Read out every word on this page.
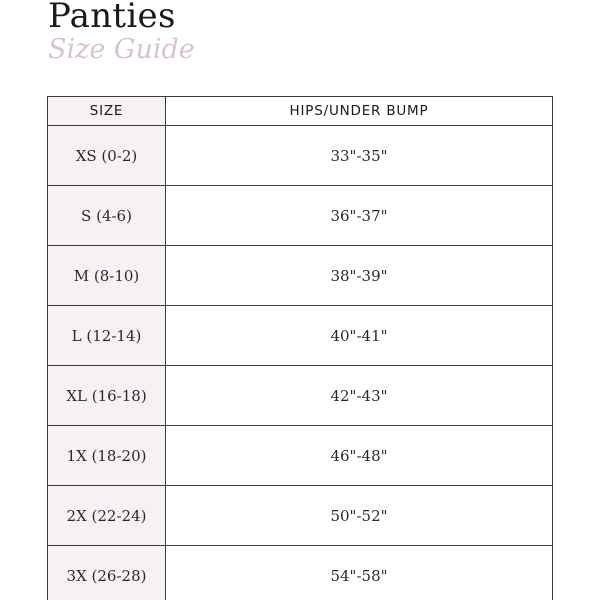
Panties
Size Guide
SIZE	HIPS/UNDER BUMP
XS (0-2)	33"-35"
S (4-6)	36"-37"
M (8-10)	38"-39"
L (12-14)	40"-41"
XL (16-18)	42"-43"
1X (18-20)	46"-48"
2X (22-24)	50"-52"
3X (26-28)	54"-58"
